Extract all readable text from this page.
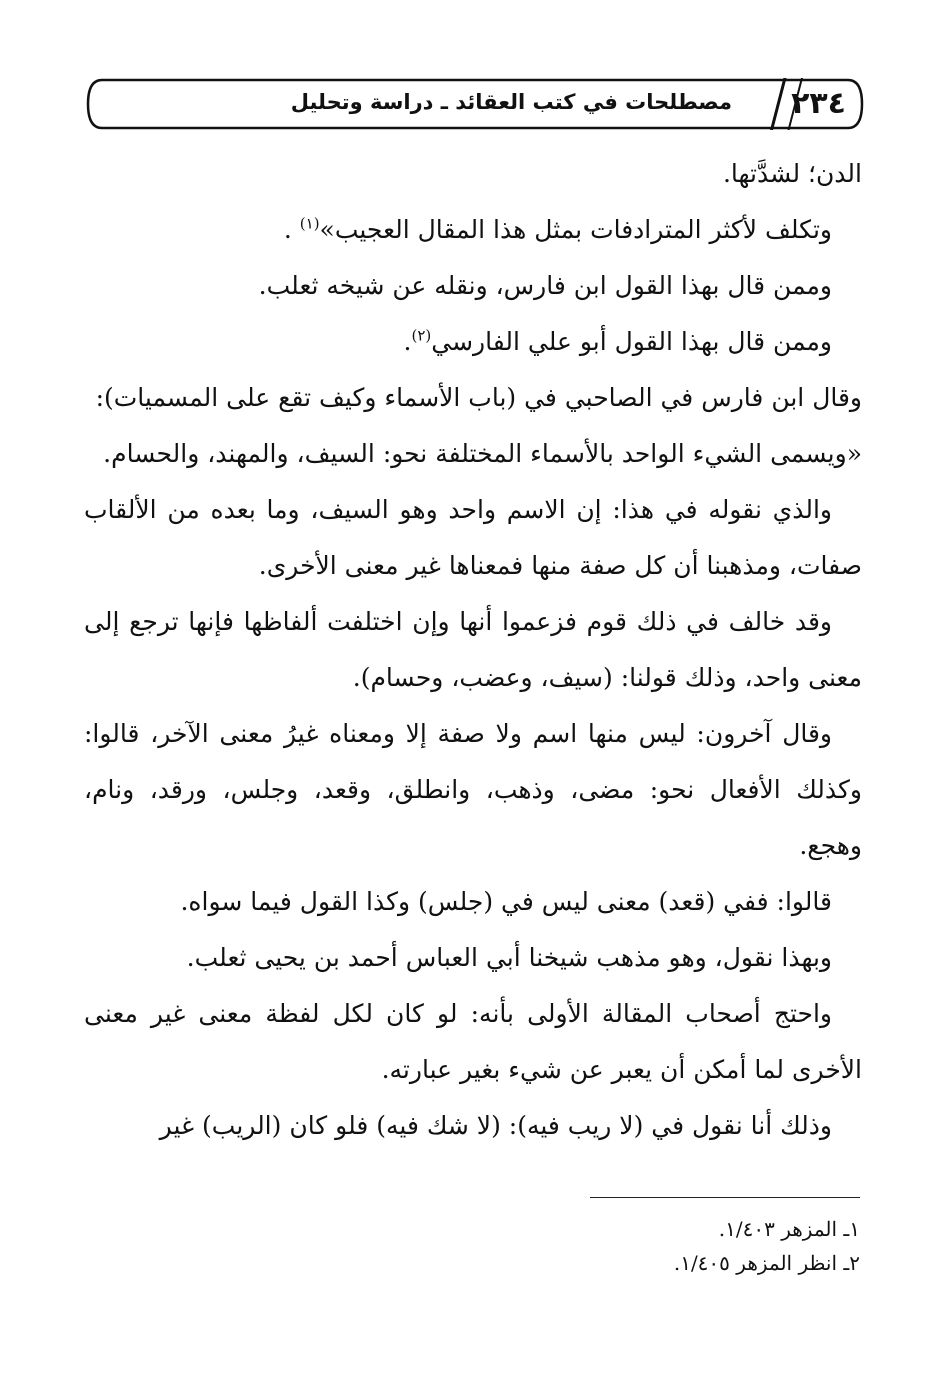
٢٣٤
مصطلحات في كتب العقائد ـ دراسة وتحليل

الدن؛ لشدَّتها.

وتكلف لأكثر المترادفات بمثل هذا المقال العجيب»$^{(١)}$ .

وممن قال بهذا القول ابن فارس، ونقله عن شيخه ثعلب.

وممن قال بهذا القول أبو علي الفارسي$^{(٢)}$.

وقال ابن فارس في الصاحبي في (باب الأسماء وكيف تقع على المسميات):

«ويسمى الشيء الواحد بالأسماء المختلفة نحو: السيف، والمهند، والحسام.

والذي نقوله في هذا: إن الاسم واحد وهو السيف، وما بعده من الألقاب صفات، ومذهبنا أن كل صفة منها فمعناها غير معنى الأخرى.

وقد خالف في ذلك قوم فزعموا أنها وإن اختلفت ألفاظها فإنها ترجع إلى معنى واحد، وذلك قولنا: (سيف، وعضب، وحسام).

وقال آخرون: ليس منها اسم ولا صفة إلا ومعناه غيرُ معنى الآخر، قالوا: وكذلك الأفعال نحو: مضى، وذهب، وانطلق، وقعد، وجلس، ورقد، ونام، وهجع.

قالوا: ففي (قعد) معنى ليس في (جلس) وكذا القول فيما سواه.

وبهذا نقول، وهو مذهب شيخنا أبي العباس أحمد بن يحيى ثعلب.

واحتج أصحاب المقالة الأولى بأنه: لو كان لكل لفظة معنى غير معنى الأخرى لما أمكن أن يعبر عن شيء بغير عبارته.

وذلك أنا نقول في (لا ريب فيه): (لا شك فيه) فلو كان (الريب) غير

١ـ المزهر ١/٤٠٣.

٢ـ انظر المزهر ١/٤٠٥.
